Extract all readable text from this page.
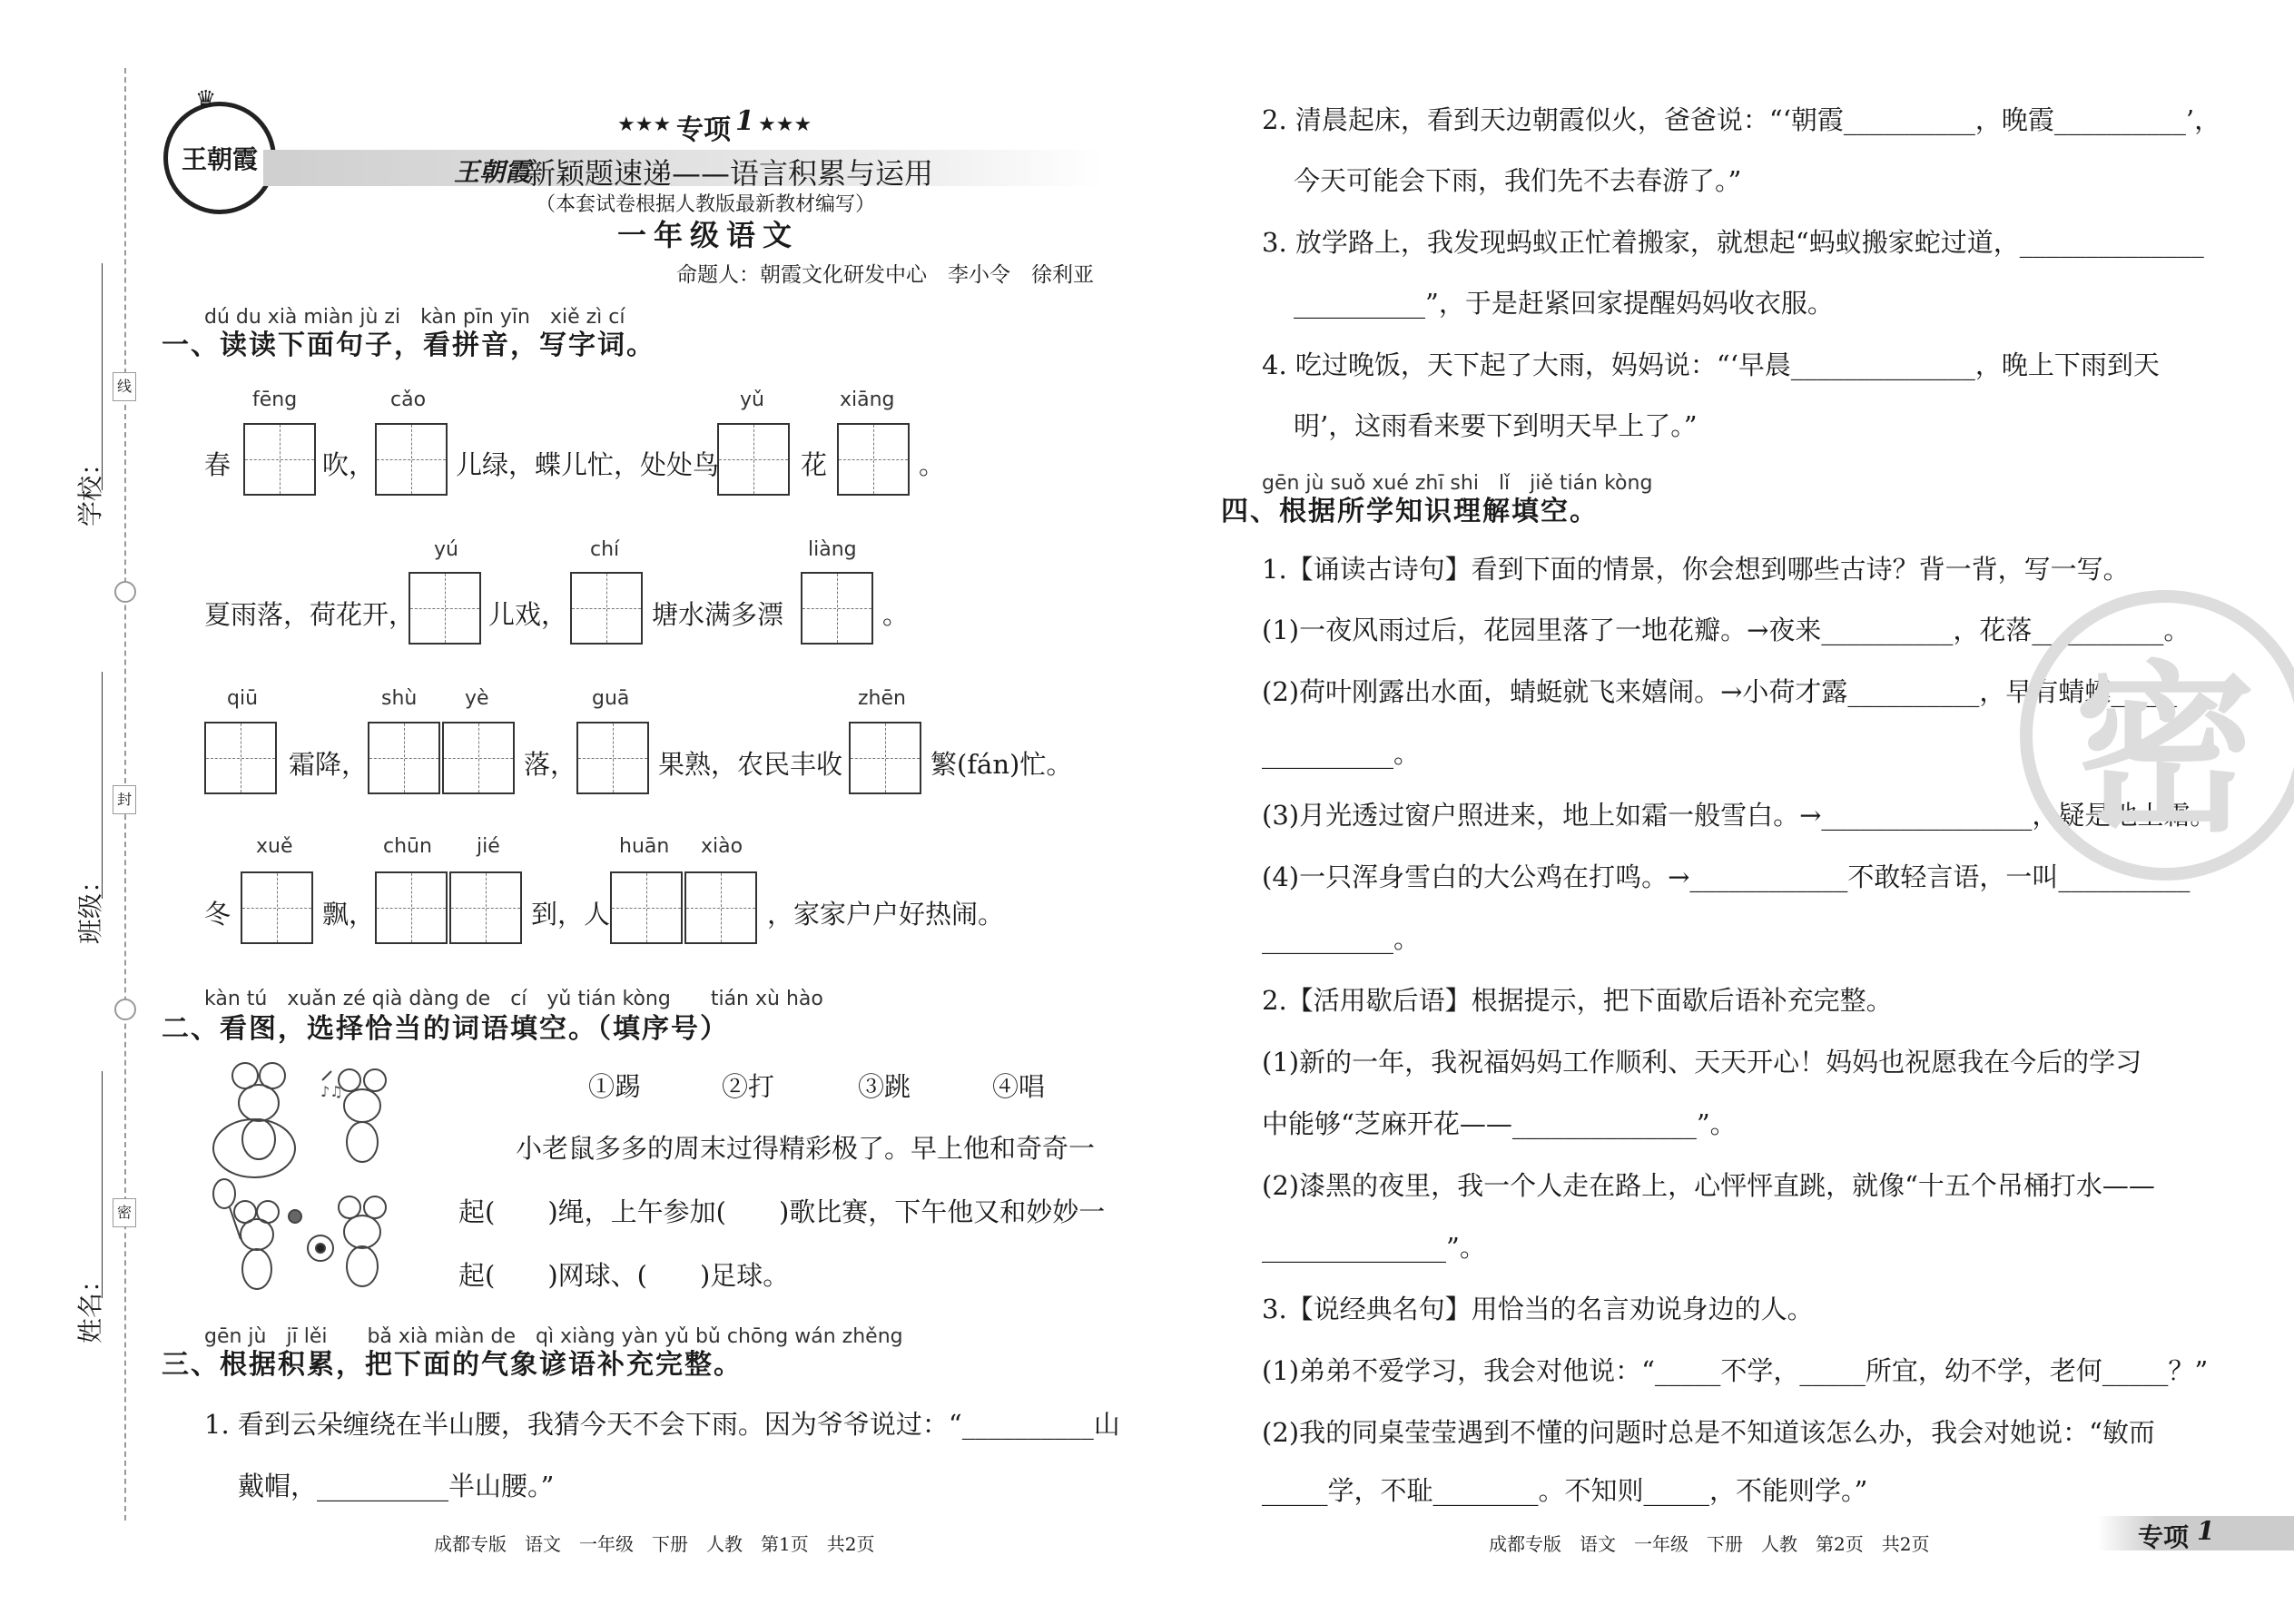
学校：
班级：
姓名：
线
封
密
♛
王朝霞
★★★ 专项 1 ★★★
王朝霞
新颖题速递——语言积累与运用
（本套试卷根据人教版最新教材编写）
一年级语文
命题人：朝霞文化研发中心　李小令　徐利亚
dú du xià miàn jù zi　kàn pīn yīn　xiě zì cí
一、读读下面句子，看拼音，写字词。
fēng	cǎo	yǔ	xiāng
春	吹，	儿绿，蝶儿忙，处处鸟	花	。
yú	chí	liàng
夏雨落，荷花开，	儿戏，	塘水满多漂	。
qiū	shù yè	guā	zhēn
霜降，	落，	果熟，农民丰收	繁(fán)忙。
xuě	chūn jié	huān xiào
冬	飘，	到，人	，家家户户好热闹。
kàn tú　xuǎn zé qià dàng de　cí　yǔ tián kòng　　tián xù hào
二、看图，选择恰当的词语填空。（填序号）
♪♫	①踢	②打	③跳	④唱
小老鼠多多的周末过得精彩极了。早上他和奇奇一
起(　　)绳，上午参加(　　)歌比赛，下午他又和妙妙一
起(　　)网球、(　　)足球。
gēn jù　jī lěi　　bǎ xià miàn de　qì xiàng yàn yǔ bǔ chōng wán zhěng
三、根据积累，把下面的气象谚语补充完整。
1. 看到云朵缠绕在半山腰，我猜今天不会下雨。因为爷爷说过：“__________山
戴帽，__________半山腰。”
成都专版　语文　一年级　下册　人教　第1页　共2页
2. 清晨起床，看到天边朝霞似火，爸爸说：“‘朝霞__________，晚霞__________’，
今天可能会下雨，我们先不去春游了。”
3. 放学路上，我发现蚂蚁正忙着搬家，就想起“蚂蚁搬家蛇过道，______________
__________”，于是赶紧回家提醒妈妈收衣服。
4. 吃过晚饭，天下起了大雨，妈妈说：“‘早晨______________，晚上下雨到天
明’，这雨看来要下到明天早上了。”
gēn jù suǒ xué zhī shi　lǐ　jiě tián kòng
四、根据所学知识理解填空。
1.【诵读古诗句】看到下面的情景，你会想到哪些古诗？背一背，写一写。
(1)一夜风雨过后，花园里落了一地花瓣。→夜来__________，花落__________。
(2)荷叶刚露出水面，蜻蜓就飞来嬉闹。→小荷才露__________，早有蜻蜓_____
__________。
(3)月光透过窗户照进来，地上如霜一般雪白。→________________，疑是地上霜。
(4)一只浑身雪白的大公鸡在打鸣。→____________不敢轻言语，一叫__________
__________。
2.【活用歇后语】根据提示，把下面歇后语补充完整。
(1)新的一年，我祝福妈妈工作顺利、天天开心！妈妈也祝愿我在今后的学习
中能够“芝麻开花——______________”。
(2)漆黑的夜里，我一个人走在路上，心怦怦直跳，就像“十五个吊桶打水——
______________”。
3.【说经典名句】用恰当的名言劝说身边的人。
(1)弟弟不爱学习，我会对他说：“_____不学，_____所宜，幼不学，老何_____？”
(2)我的同桌莹莹遇到不懂的问题时总是不知道该怎么办，我会对她说：“敏而
_____学，不耻________。不知则_____，不能则学。”
密
成都专版　语文　一年级　下册　人教　第2页　共2页	专项 1
